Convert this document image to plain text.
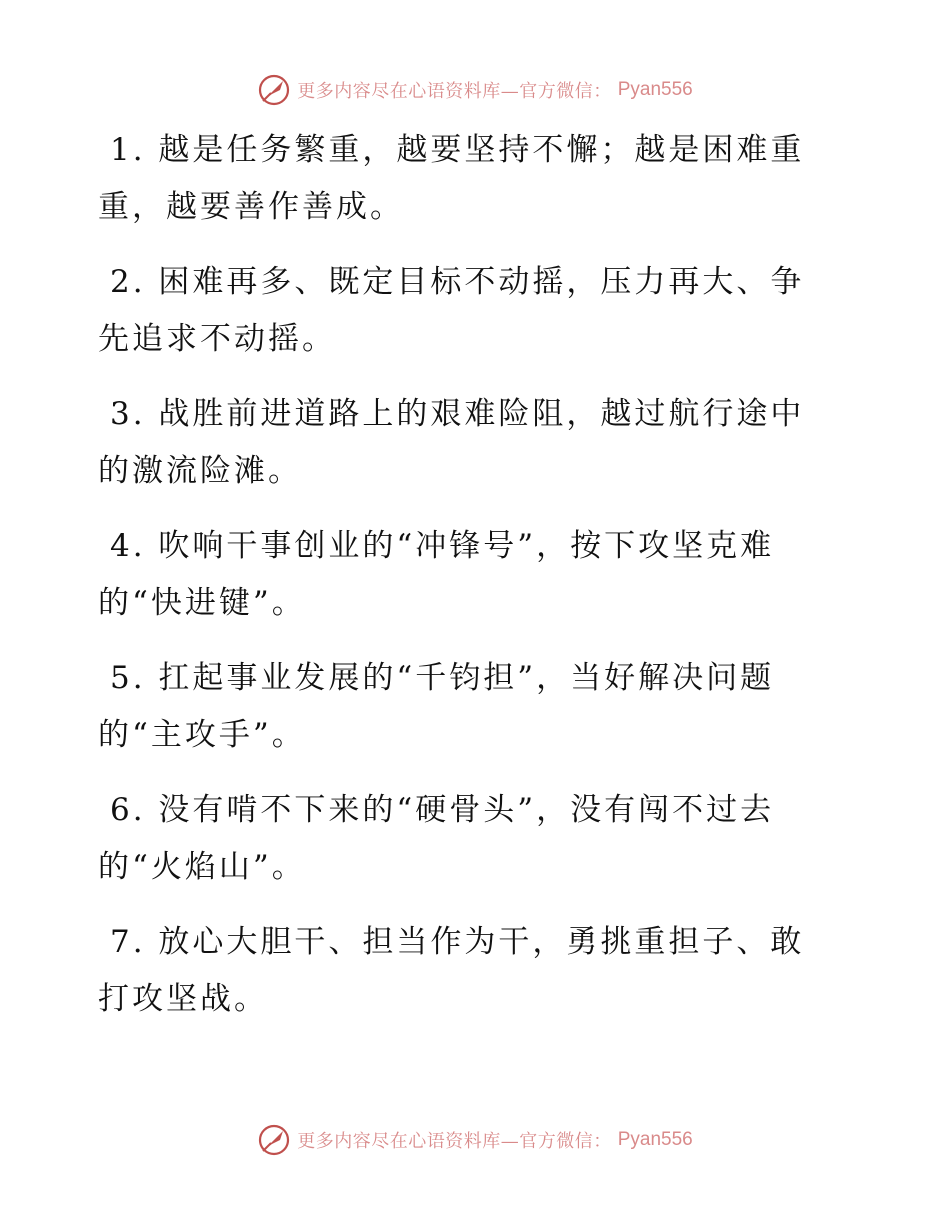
更多内容尽在心语资料库—官方微信： Pyan556

1. 越是任务繁重，越要坚持不懈；越是困难重重，越要善作善成。

2. 困难再多、既定目标不动摇，压力再大、争先追求不动摇。

3. 战胜前进道路上的艰难险阻，越过航行途中的激流险滩。

4. 吹响干事创业的“冲锋号”，按下攻坚克难的“快进键”。

5. 扛起事业发展的“千钧担”，当好解决问题的“主攻手”。

6. 没有啃不下来的“硬骨头”，没有闯不过去的“火焰山”。

7. 放心大胆干、担当作为干，勇挑重担子、敢打攻坚战。

更多内容尽在心语资料库—官方微信： Pyan556
